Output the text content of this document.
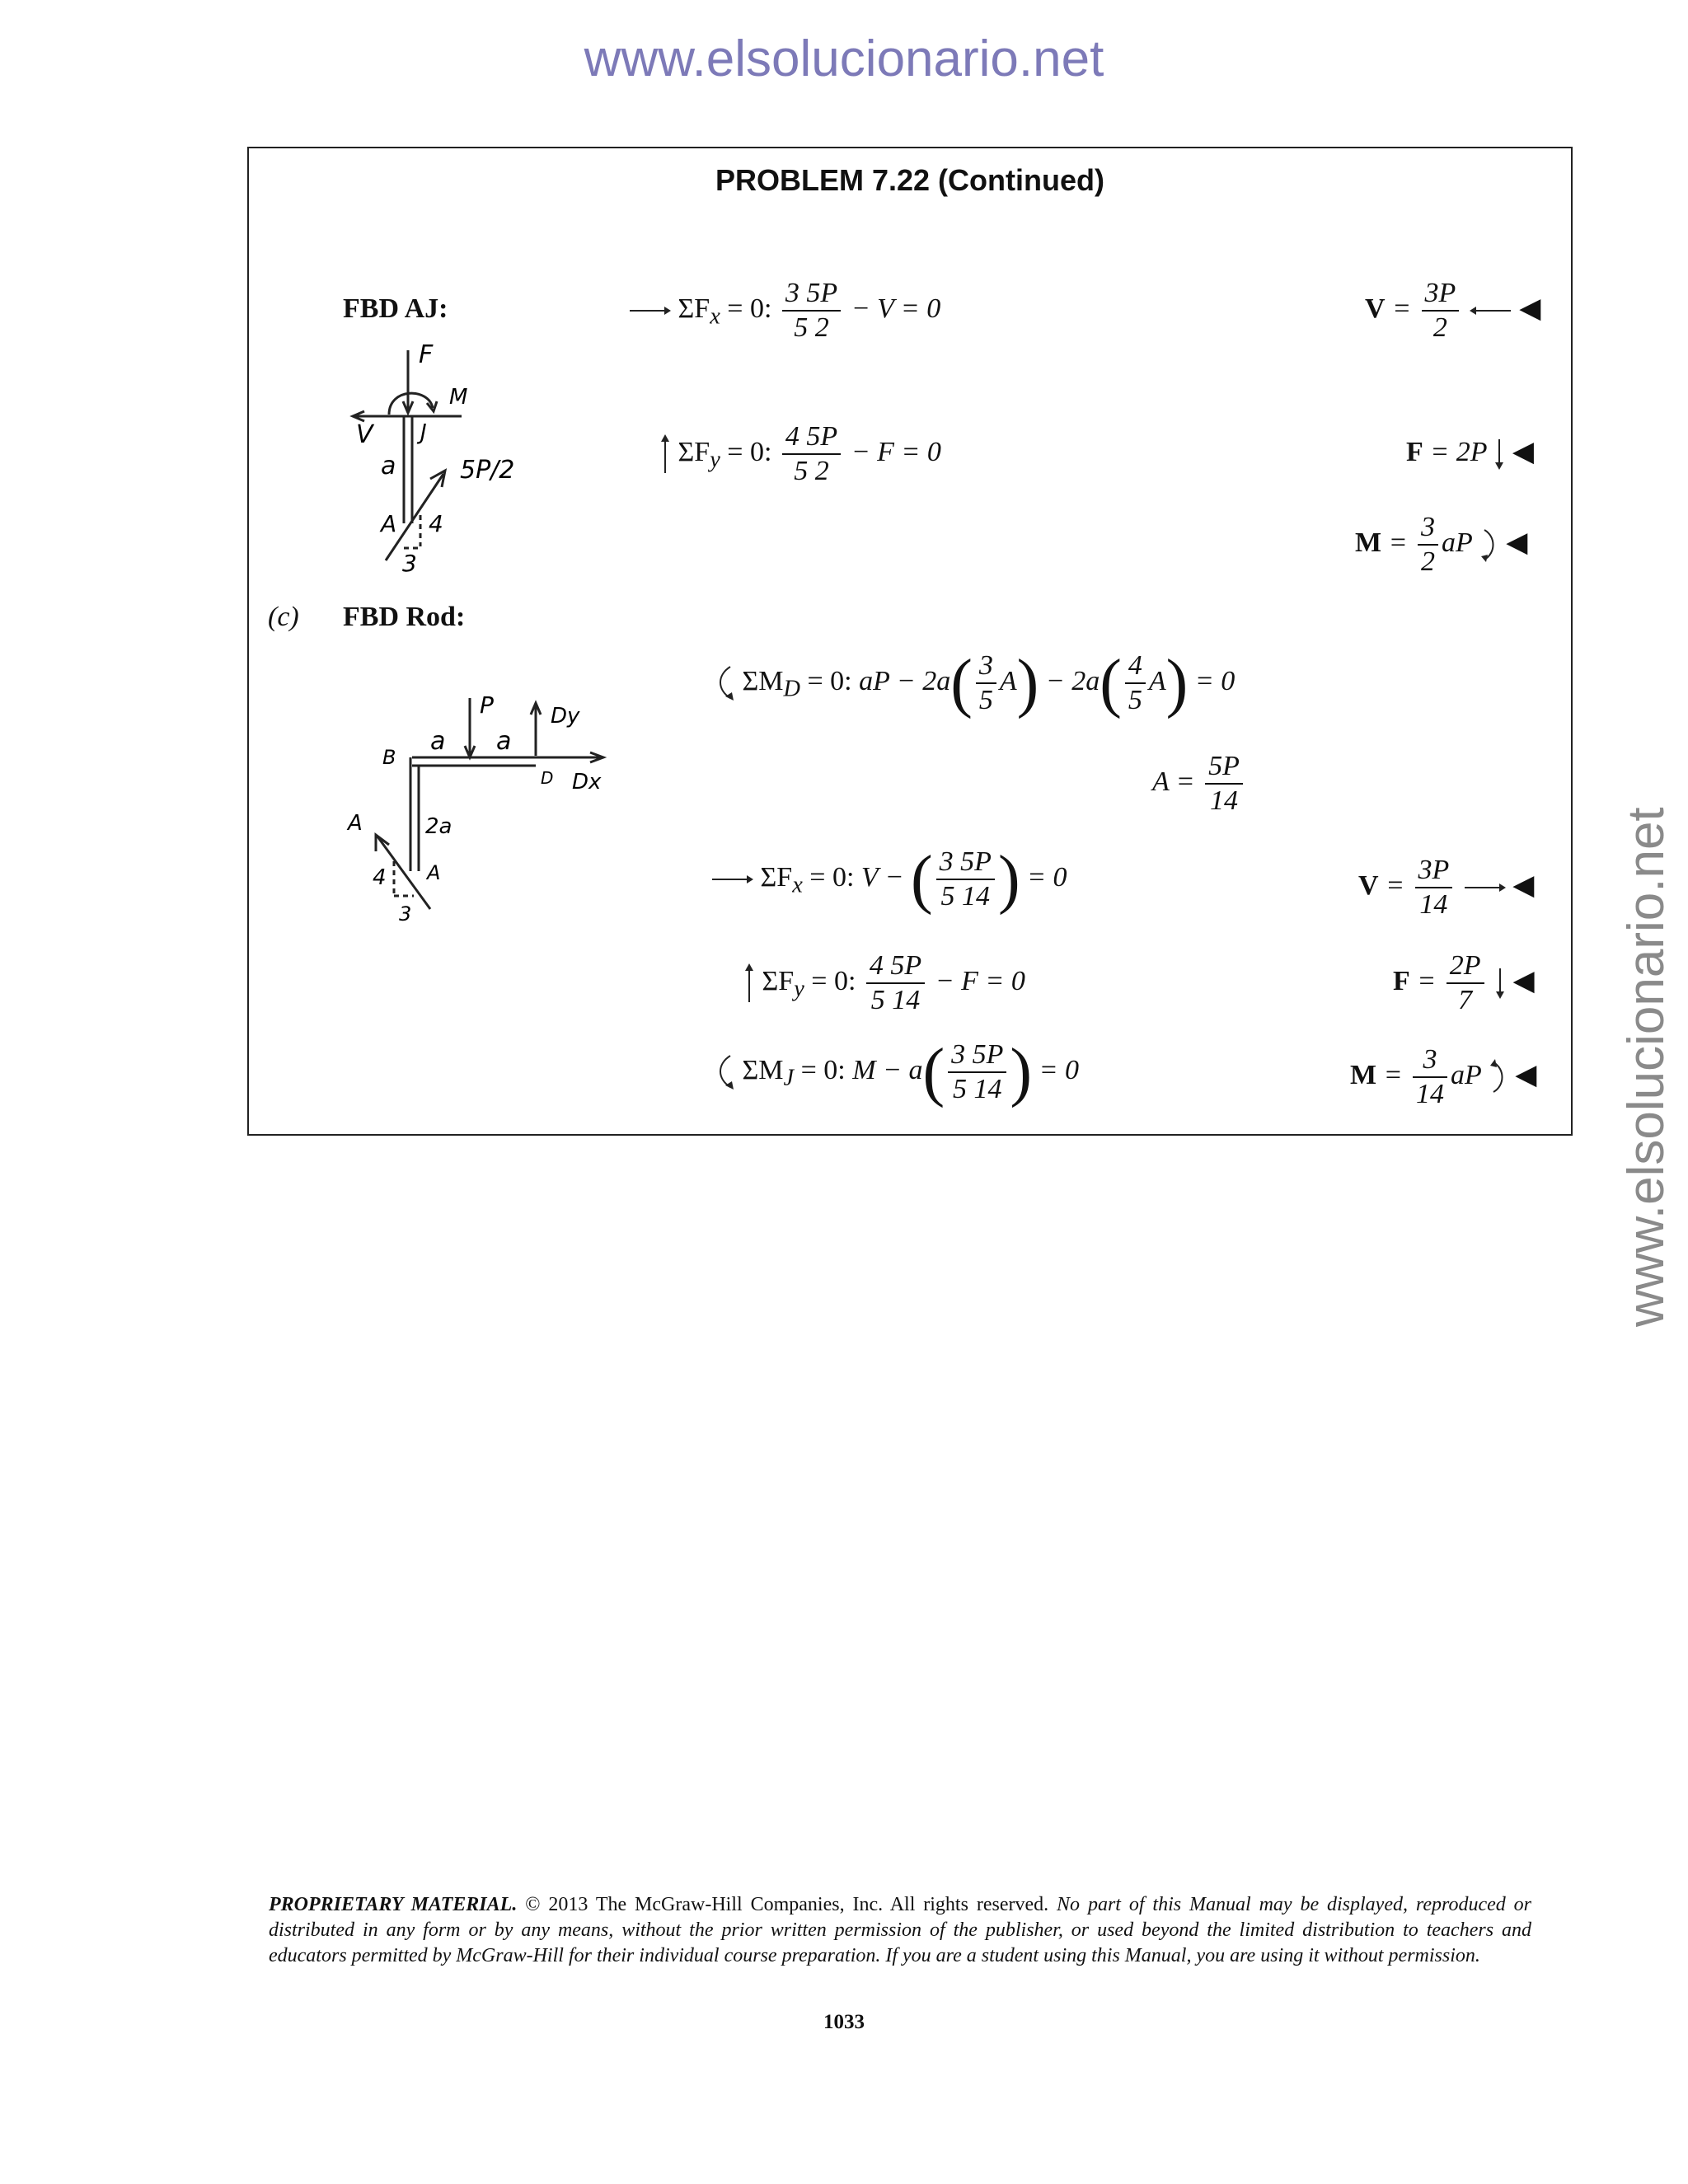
www.elsolucionario.net
www.elsolucionario.net
PROBLEM 7.22 (Continued)
FBD AJ:
F
M
V J
a	5P/2
A 4
3
$\Sigma F_x = 0$: $\frac{3 5P}{5 2} - V = 0$
$\Sigma F_y = 0$: $\frac{4 5P}{5 2} - F = 0$
$V = \frac{3P}{2}$ ◀
F = 2P ◀
$M = \frac{3}{2}$ aP ◀
(c) FBD Rod:
P	Dy
B
a a
D Dx
A	2a
4 A
3
$\Sigma M_D = 0$: aP − $2a( \frac{3}{5} A) - 2a( \frac{4}{5} A) = 0$
$A = \frac{5P}{14}$
$\Sigma F_x = 0$: V − ( $\frac{3 5P}{5 14}$ ) = 0
$\Sigma F_y = 0$: $\frac{4 5P}{5 14} - F = 0$
$\Sigma M_J = 0$: $M - a( \frac{3 5P}{5 14}$ ) = 0
$V = \frac{3P}{14}$ ◀
$F = \frac{2P}{7}$ ◀
$M = \frac{3}{14}$ aP ◀
PROPRIETARY MATERIAL. © 2013 The McGraw-Hill Companies, Inc. All rights reserved. No part of this Manual may be displayed, reproduced or distributed in any form or by any means, without the prior written permission of the publisher, or used beyond the limited distribution to teachers and educators permitted by McGraw-Hill for their individual course preparation. If you are a student using this Manual, you are using it without permission.
1033
